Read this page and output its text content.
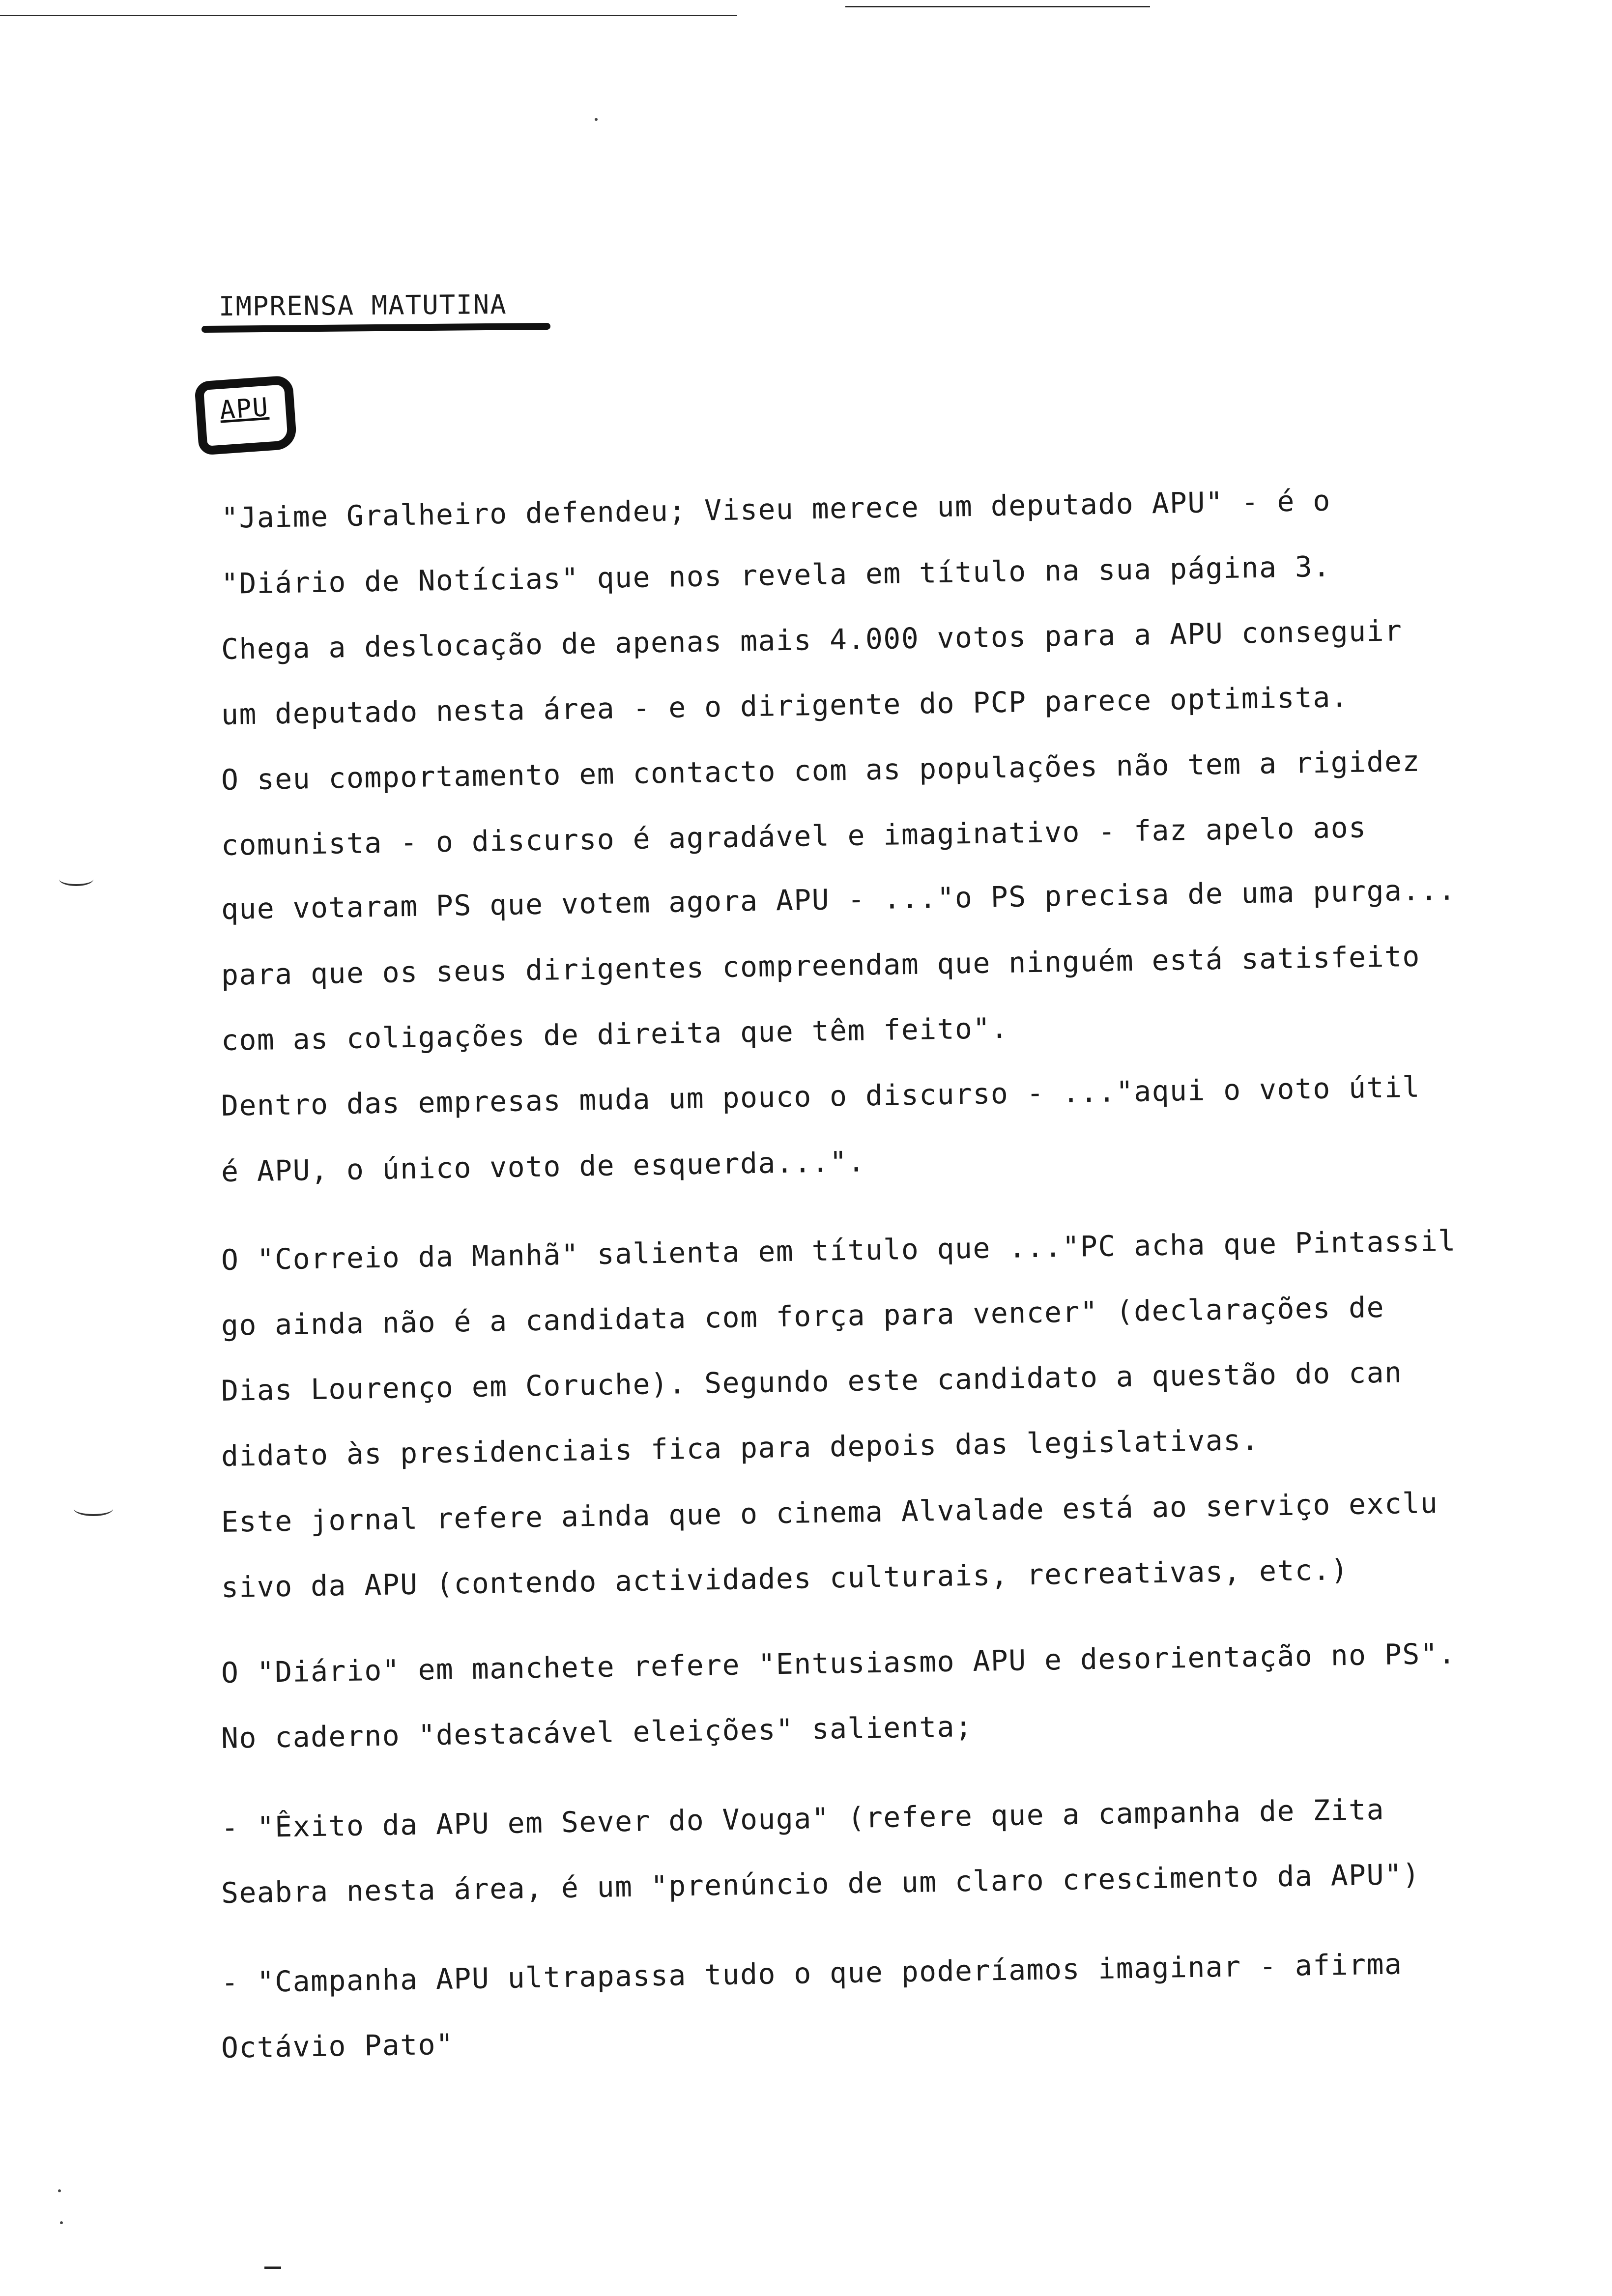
IMPRENSA MATUTINA
APU
"Jaime Gralheiro defendeu; Viseu merece um deputado APU" - é o
"Diário de Notícias" que nos revela em título na sua página 3.
Chega a deslocação de apenas mais 4.000 votos para a APU conseguir
um deputado nesta área - e o dirigente do PCP parece optimista.
O seu comportamento em contacto com as populações não tem a rigidez
comunista - o discurso é agradável e imaginativo - faz apelo aos
que votaram PS que votem agora APU - ..."o PS precisa de uma purga...
para que os seus dirigentes compreendam que ninguém está satisfeito
com as coligações de direita que têm feito".
Dentro das empresas muda um pouco o discurso - ..."aqui o voto útil
é APU, o único voto de esquerda...".
O "Correio da Manhã" salienta em título que ..."PC acha que Pintassil
go ainda não é a candidata com força para vencer" (declarações de
Dias Lourenço em Coruche). Segundo este candidato a questão do can
didato às presidenciais fica para depois das legislativas.
Este jornal refere ainda que o cinema Alvalade está ao serviço exclu
sivo da APU (contendo actividades culturais, recreativas, etc.)
O "Diário" em manchete refere "Entusiasmo APU e desorientação no PS".
No caderno "destacável eleições" salienta;
- "Êxito da APU em Sever do Vouga" (refere que a campanha de Zita
Seabra nesta área, é um "prenúncio de um claro crescimento da APU")
- "Campanha APU ultrapassa tudo o que poderíamos imaginar - afirma
Octávio Pato"
